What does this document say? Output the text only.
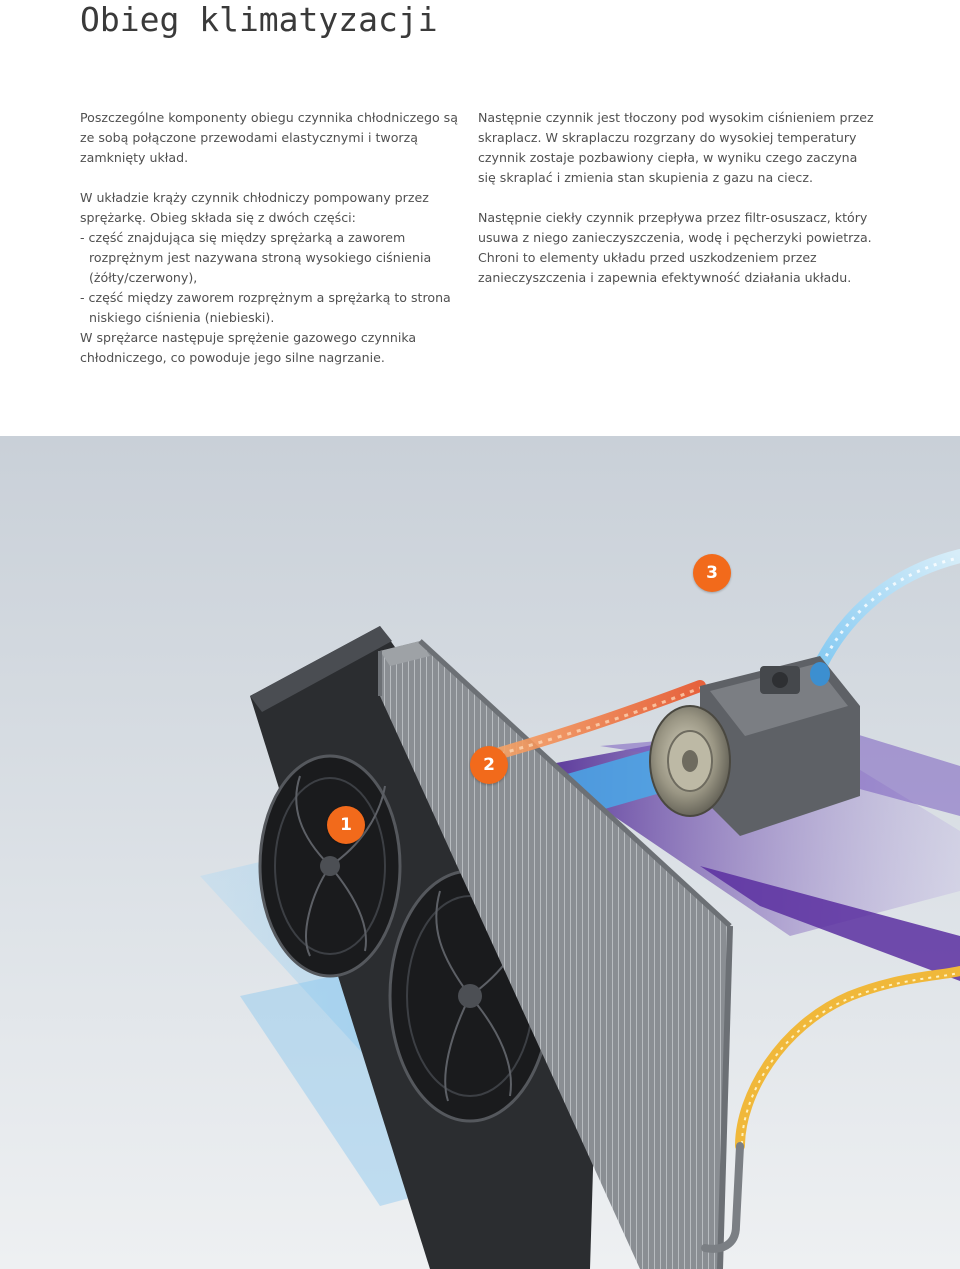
Obieg klimatyzacji

Poszczególne komponenty obiegu czynnika chłodniczego są ze sobą połączone przewodami elastycznymi i tworzą zamknięty układ.

W układzie krąży czynnik chłodniczy pompowany przez sprężarkę. Obieg składa się z dwóch części:

- część znajdująca się między sprężarką a zaworem rozprężnym jest nazywana stroną wysokiego ciśnienia (żółty/czerwony),

- część między zaworem rozprężnym a sprężarką to strona niskiego ciśnienia (niebieski).

W sprężarce następuje sprężenie gazowego czynnika chłodniczego, co powoduje jego silne nagrzanie.

Następnie czynnik jest tłoczony pod wysokim ciśnieniem przez skraplacz. W skraplaczu rozgrzany do wysokiej temperatury czynnik zostaje pozbawiony ciepła, w wyniku czego zaczyna się skraplać i zmienia stan skupienia z gazu na ciecz.

Następnie ciekły czynnik przepływa przez filtr-osuszacz, który usuwa z niego zanieczyszczenia, wodę i pęcherzyki powietrza. Chroni to elementy układu przed uszkodzeniem przez zanieczyszczenia i zapewnia efektywność działania układu.

1
2
3
